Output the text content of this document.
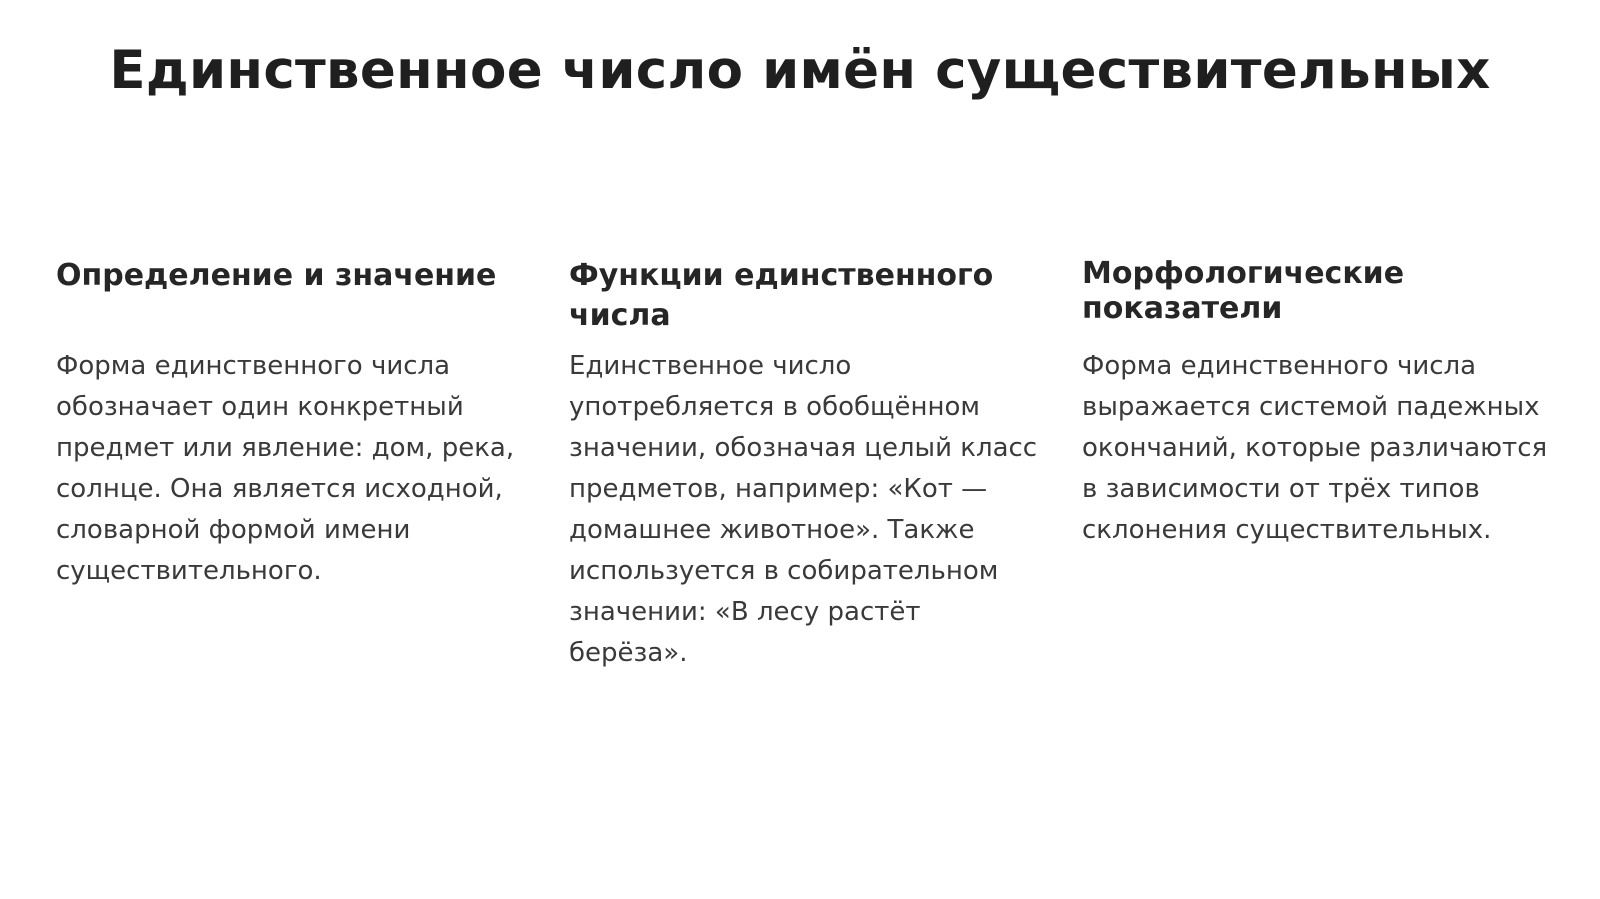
Единственное число имён существительных
Определение и значение

Форма единственного числа обозначает один конкретный предмет или явление: дом, река, солнце. Она является исходной, словарной формой имени существительного.

Функции единственного числа

Единственное число употребляется в обобщённом значении, обозначая целый класс предметов, например: «Кот — домашнее животное». Также используется в собирательном значении: «В лесу растёт берёза».

Морфологические показатели

Форма единственного числа выражается системой падежных окончаний, которые различаются в зависимости от трёх типов склонения существительных.
